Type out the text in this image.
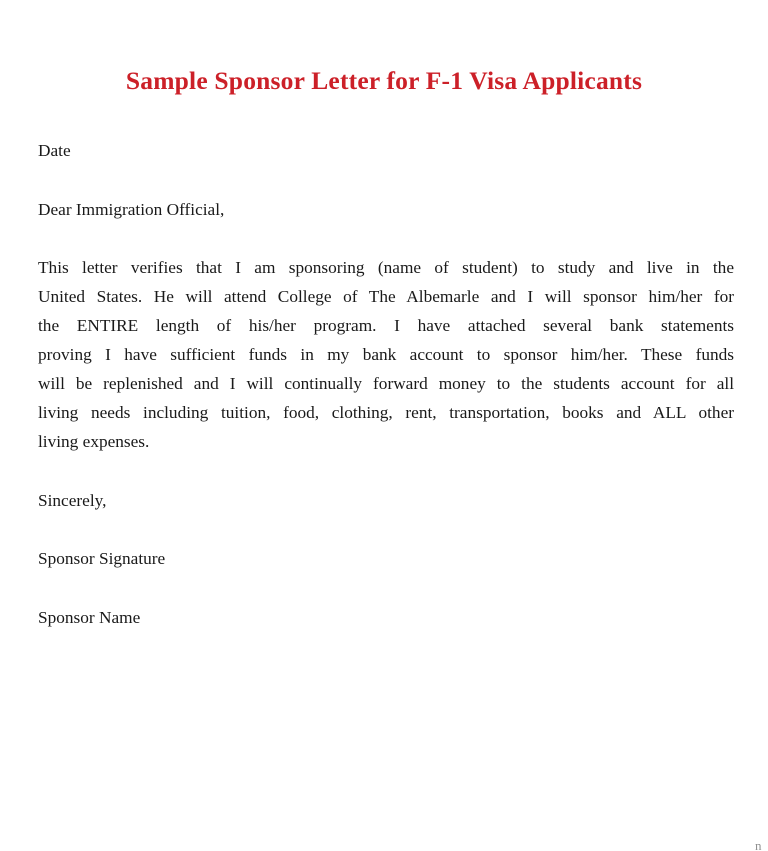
Sample Sponsor Letter for F-1 Visa Applicants
Date
Dear Immigration Official,
This letter verifies that I am sponsoring (name of student) to study and live in the
United States. He will attend College of The Albemarle and I will sponsor him/her for
the ENTIRE length of his/her program. I have attached several bank statements
proving I have sufficient funds in my bank account to sponsor him/her. These funds
will be replenished and I will continually forward money to the students account for all
living needs including tuition, food, clothing, rent, transportation, books and ALL other
living expenses.
Sincerely,
Sponsor Signature
Sponsor Name
n
